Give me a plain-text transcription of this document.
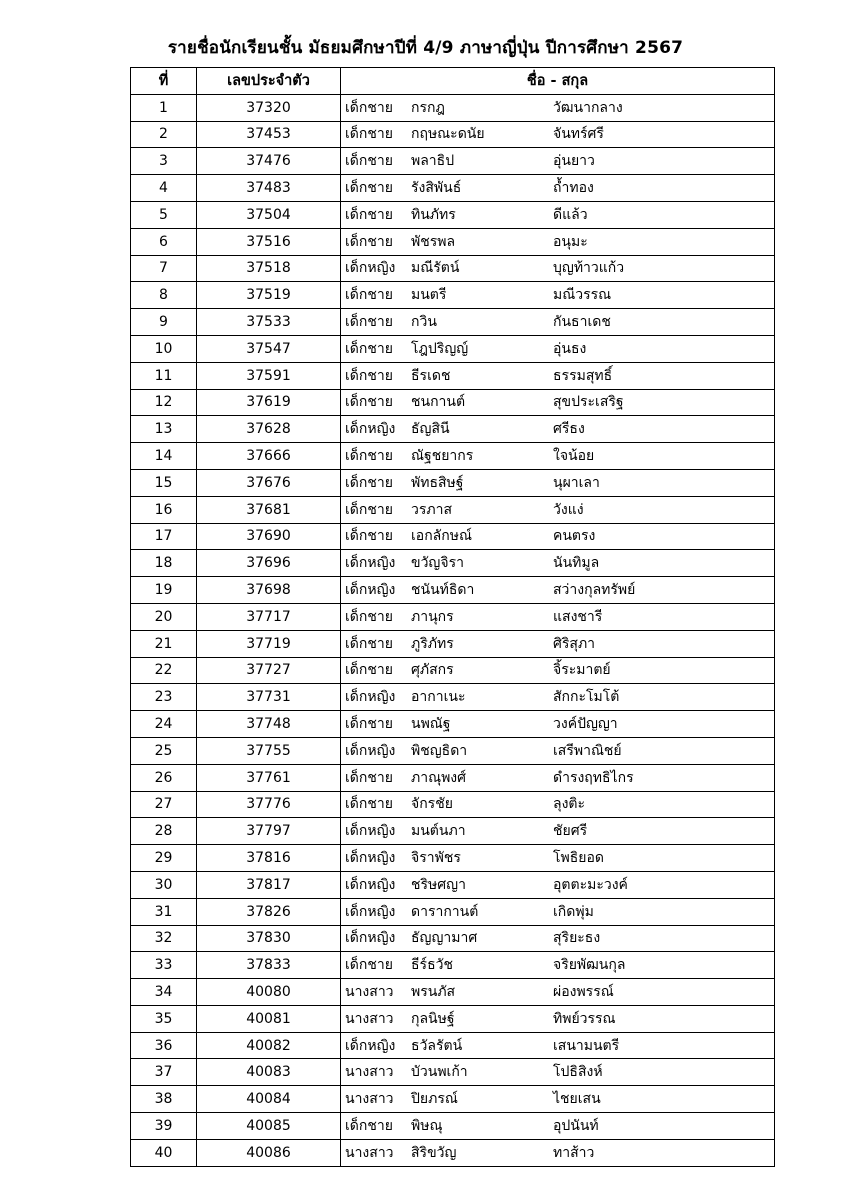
รายชื่อนักเรียนชั้น มัธยมศึกษาปีที่ 4/9 ภาษาญี่ปุ่น ปีการศึกษา 2567
ที่	เลขประจำตัว	ชื่อ - สกุล
1	37320	เด็กชาย กรกฎ วัฒนากลาง
2	37453	เด็กชาย กฤษณะดนัย จันทร์ศรี
3	37476	เด็กชาย พลาธิป อุ่นยาว
4	37483	เด็กชาย รังสิพันธ์ ถ้ำทอง
5	37504	เด็กชาย ทินภัทร ดีแล้ว
6	37516	เด็กชาย พัชรพล อนุมะ
7	37518	เด็กหญิง มณีรัตน์ บุญท้าวแก้ว
8	37519	เด็กชาย มนตรี มณีวรรณ
9	37533	เด็กชาย กวิน กันธาเดช
10	37547	เด็กชาย โฎปริญญ์ อุ่นธง
11	37591	เด็กชาย ธีรเดช ธรรมสุทธิ์
12	37619	เด็กชาย ชนกานต์ สุขประเสริฐ
13	37628	เด็กหญิง ธัญสินี ศรีธง
14	37666	เด็กชาย ณัฐชยากร ใจน้อย
15	37676	เด็กชาย พัทธสิษฐ์ นุผาเลา
16	37681	เด็กชาย วรภาส วังแง่
17	37690	เด็กชาย เอกลักษณ์ คนตรง
18	37696	เด็กหญิง ขวัญจิรา นันทิมูล
19	37698	เด็กหญิง ชนันท์ธิดา สว่างกุลทรัพย์
20	37717	เด็กชาย ภานุกร แสงชารี
21	37719	เด็กชาย ภูริภัทร ศิริสุภา
22	37727	เด็กชาย ศุภัสกร จิ้ระมาตย์
23	37731	เด็กหญิง อากาเนะ สักกะโมโต้
24	37748	เด็กชาย นพณัฐ วงค์ปัญญา
25	37755	เด็กหญิง พิชญธิดา เสรีพาณิชย์
26	37761	เด็กชาย ภาณุพงศ์ ดำรงฤทธิไกร
27	37776	เด็กชาย จักรชัย ลุงติะ
28	37797	เด็กหญิง มนต์นภา ชัยศรี
29	37816	เด็กหญิง จิราพัชร โพธิยอด
30	37817	เด็กหญิง ชริษศญา อุตตะมะวงค์
31	37826	เด็กหญิง ดารากานต์ เกิดพุ่ม
32	37830	เด็กหญิง ธัญญามาศ สุริยะธง
33	37833	เด็กชาย ธีร์ธวัช จริยพัฒนกุล
34	40080	นางสาว พรนภัส ผ่องพรรณ์
35	40081	นางสาว กุลนิษฐ์ ทิพย์วรรณ
36	40082	เด็กหญิง ธวัลรัตน์ เสนามนตรี
37	40083	นางสาว บัวนพเก้า โปธิสิงห์
38	40084	นางสาว ปิยภรณ์ ไชยเสน
39	40085	เด็กชาย พิษณุ อุปนันท์
40	40086	นางสาว สิริขวัญ ทาส้าว
